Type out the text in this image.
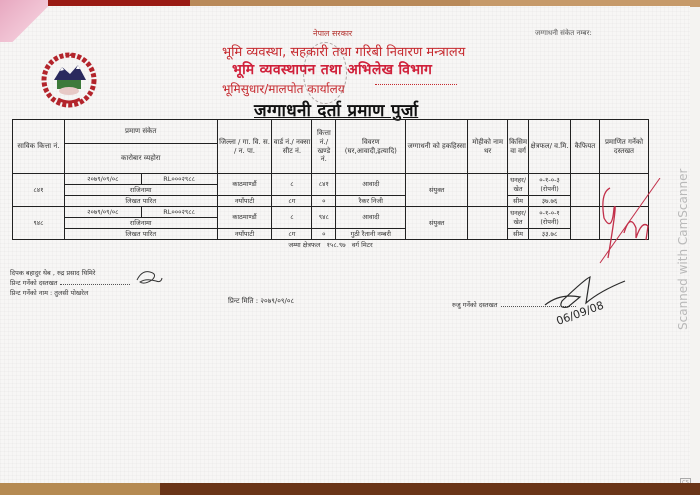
नेपाल सरकार
भूमि व्यवस्था, सहकारी तथा गरिबी निवारण मन्त्रालय
भूमि व्यवस्थापन तथा अभिलेख विभाग
भूमिसुधार/मालपोत कार्यालय
जग्गाधनी संकेत नम्बर:
जग्गाधनी दर्ता प्रमाण पुर्जा
साविक कित्ता नं.	प्रमाण संकेत		जिल्ला / गा. वि. स. / न. पा.	वार्ड नं./ नक्सा सीट नं.	कित्ता नं./ खण्डे नं.	विवरण (घर,आवादी,इत्यादि)	जग्गाधनी को हकहिस्सा	मोहीको नाम थर	किसिम वा वर्ग	क्षेत्रफल/ व.मि.	कैफियत	प्रमाणित गर्नेको दस्तखत
	कारोबार व्यहोरा											
८४१	२०७९/०९/०८	RL०००२९८८	काठमाण्डौं	८	८४१	आवादी	संयुक्त		धनहर/ खेत	०-१-०-३ (रोपनी)		
	राजिनामा											
	लिखत पारित		नयाँपाटी	८ग	०	रैकर निजी			सीम	३७.७६		
९४८	२०७९/०९/०८	RL०००२९८८	काठमाण्डौं	८	९४८	आवादी	संयुक्त		धनहर/ खेत	०-१-०-१ (रोपनी)		
	राजिनामा											
	लिखत पारित		नयाँपाटी	८ग	०	गुठी रैतानी नम्बरी			सीम	३३.७८		
जम्मा क्षेत्रफल १५८.९७ वर्ग मिटर												
दिपक बहादुर थेब , रुद्र प्रसाद घिमिरे
प्रिन्ट गर्नेको दस्तखत
प्रिन्ट गर्नेको नाम : तुलसी पोखरेल
प्रिन्ट मिति : २०७९/०९/०८	रुजु गर्नेको दस्तखत	06/09/08	Scanned with CamScanner
